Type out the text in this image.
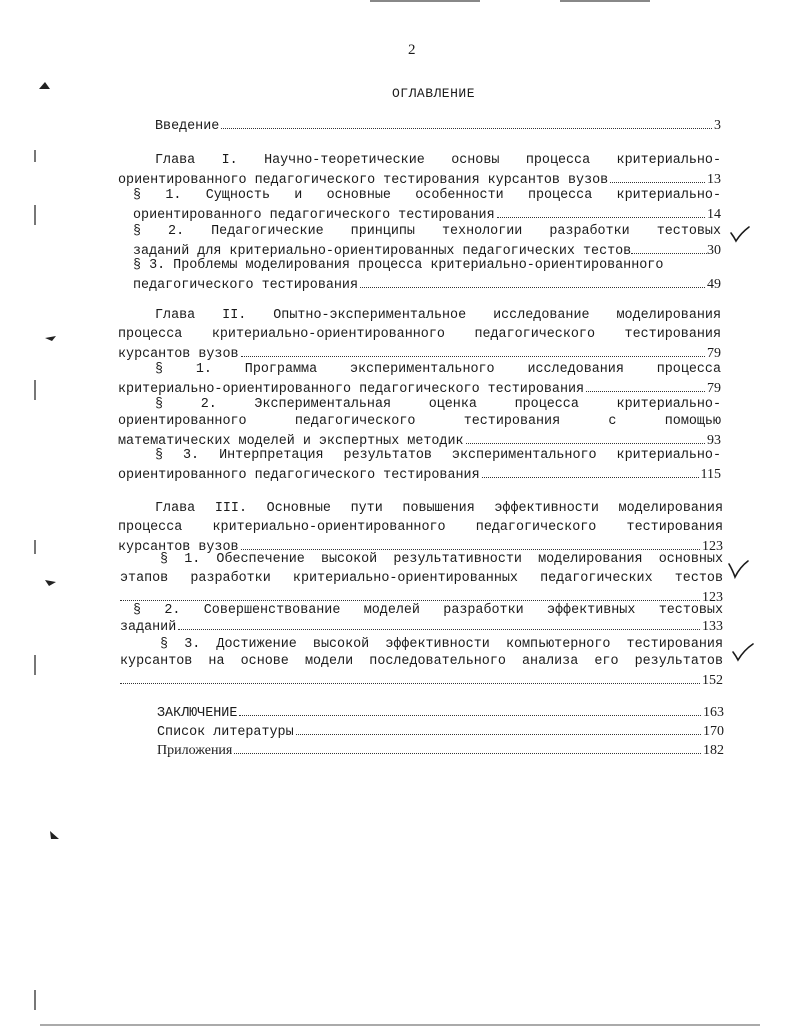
2
ОГЛАВЛЕНИЕ
Введение	3
Глава I. Научно-теоретические основы процесса критериально-
ориентированного педагогического тестирования курсантов вузов	13
§ 1. Сущность и основные особенности процесса критериально-
ориентированного педагогического тестирования	14
§ 2. Педагогические принципы технологии разработки тестовых
заданий для критериально-ориентированных педагогических тестов	30
§ 3. Проблемы моделирования процесса критериально-ориентированного
педагогического тестирования	49
Глава II. Опытно-экспериментальное исследование моделирования
процесса критериально-ориентированного педагогического тестирования
курсантов вузов	79
§ 1. Программа экспериментального исследования процесса
критериально-ориентированного педагогического тестирования	79
§ 2. Экспериментальная оценка процесса критериально-
ориентированного педагогического тестирования с помощью
математических моделей и экспертных методик	93
§ 3. Интерпретация результатов экспериментального критериально-
ориентированного педагогического тестирования	115
Глава III. Основные пути повышения эффективности моделирования
процесса критериально-ориентированного педагогического тестирования
курсантов вузов	123
§ 1. Обеспечение высокой результативности моделирования основных
этапов разработки критериально-ориентированных педагогических тестов
123
§ 2. Совершенствование моделей разработки эффективных тестовых
заданий	133
§ 3. Достижение высокой эффективности компьютерного тестирования
курсантов на основе модели последовательного анализа его результатов
152
ЗАКЛЮЧЕНИЕ	163
Список литературы	170
Приложения	182
